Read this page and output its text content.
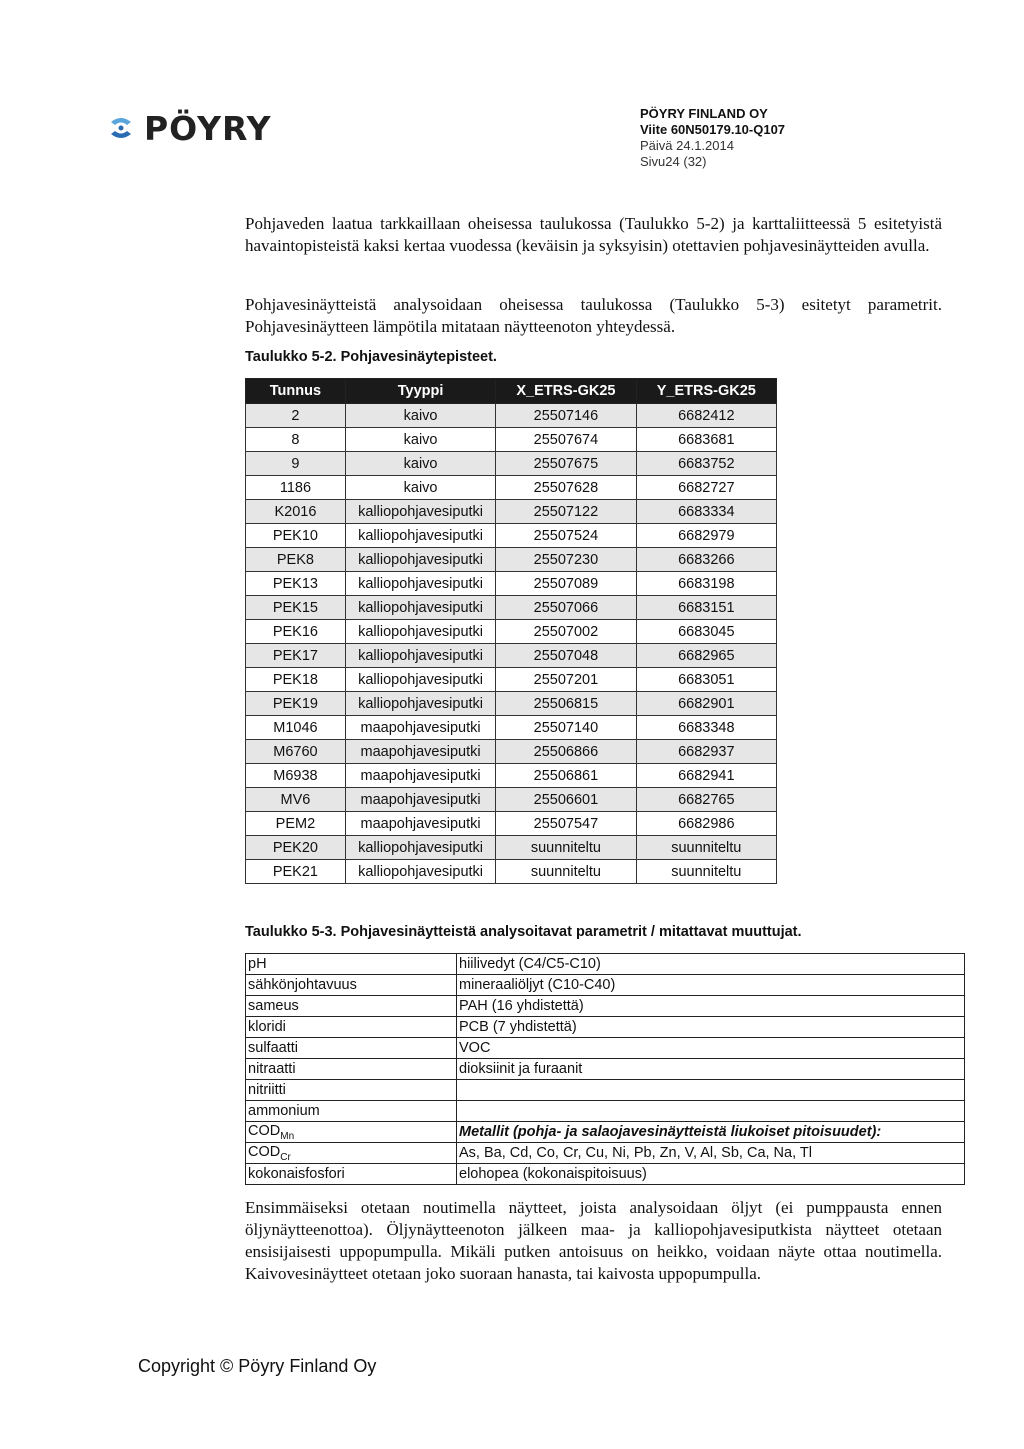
PÖYRY	PÖYRY FINLAND OY
Viite 60N50179.10-Q107
Päivä 24.1.2014
Sivu24 (32)
Pohjaveden laatua tarkkaillaan oheisessa taulukossa (Taulukko 5-2) ja karttaliitteessä 5 esitetyistä havaintopisteistä kaksi kertaa vuodessa (keväisin ja syksyisin) otettavien pohjavesinäytteiden avulla.
Pohjavesinäytteistä analysoidaan oheisessa taulukossa (Taulukko 5-3) esitetyt parametrit. Pohjavesinäytteen lämpötila mitataan näytteenoton yhteydessä.
Taulukko 5-2. Pohjavesinäytepisteet.
Tunnus	Tyyppi	X_ETRS-GK25	Y_ETRS-GK25
2	kaivo	25507146	6682412
8	kaivo	25507674	6683681
9	kaivo	25507675	6683752
1186	kaivo	25507628	6682727
K2016	kalliopohjavesiputki	25507122	6683334
PEK10	kalliopohjavesiputki	25507524	6682979
PEK8	kalliopohjavesiputki	25507230	6683266
PEK13	kalliopohjavesiputki	25507089	6683198
PEK15	kalliopohjavesiputki	25507066	6683151
PEK16	kalliopohjavesiputki	25507002	6683045
PEK17	kalliopohjavesiputki	25507048	6682965
PEK18	kalliopohjavesiputki	25507201	6683051
PEK19	kalliopohjavesiputki	25506815	6682901
M1046	maapohjavesiputki	25507140	6683348
M6760	maapohjavesiputki	25506866	6682937
M6938	maapohjavesiputki	25506861	6682941
MV6	maapohjavesiputki	25506601	6682765
PEM2	maapohjavesiputki	25507547	6682986
PEK20	kalliopohjavesiputki	suunniteltu	suunniteltu
PEK21	kalliopohjavesiputki	suunniteltu	suunniteltu
Taulukko 5-3. Pohjavesinäytteistä analysoitavat parametrit / mitattavat muuttujat.
pH	hiilivedyt (C4/C5-C10)
sähkönjohtavuus	mineraaliöljyt (C10-C40)
sameus	PAH (16 yhdistettä)
kloridi	PCB (7 yhdistettä)
sulfaatti	VOC
nitraatti	dioksiinit ja furaanit
nitriitti	
ammonium	
$COD_{Mn}$	Metallit (pohja- ja salaojavesinäytteistä liukoiset pitoisuudet):
$COD_{Cr}$	As, Ba, Cd, Co, Cr, Cu, Ni, Pb, Zn, V, Al, Sb, Ca, Na, Tl
kokonaisfosfori	elohopea (kokonaispitoisuus)
Ensimmäiseksi otetaan noutimella näytteet, joista analysoidaan öljyt (ei pumppausta ennen öljynäytteenottoa). Öljynäytteenoton jälkeen maa- ja kalliopohjavesiputkista näytteet otetaan ensisijaisesti uppopumpulla. Mikäli putken antoisuus on heikko, voidaan näyte ottaa noutimella. Kaivovesinäytteet otetaan joko suoraan hanasta, tai kaivosta uppopumpulla.
Copyright © Pöyry Finland Oy
